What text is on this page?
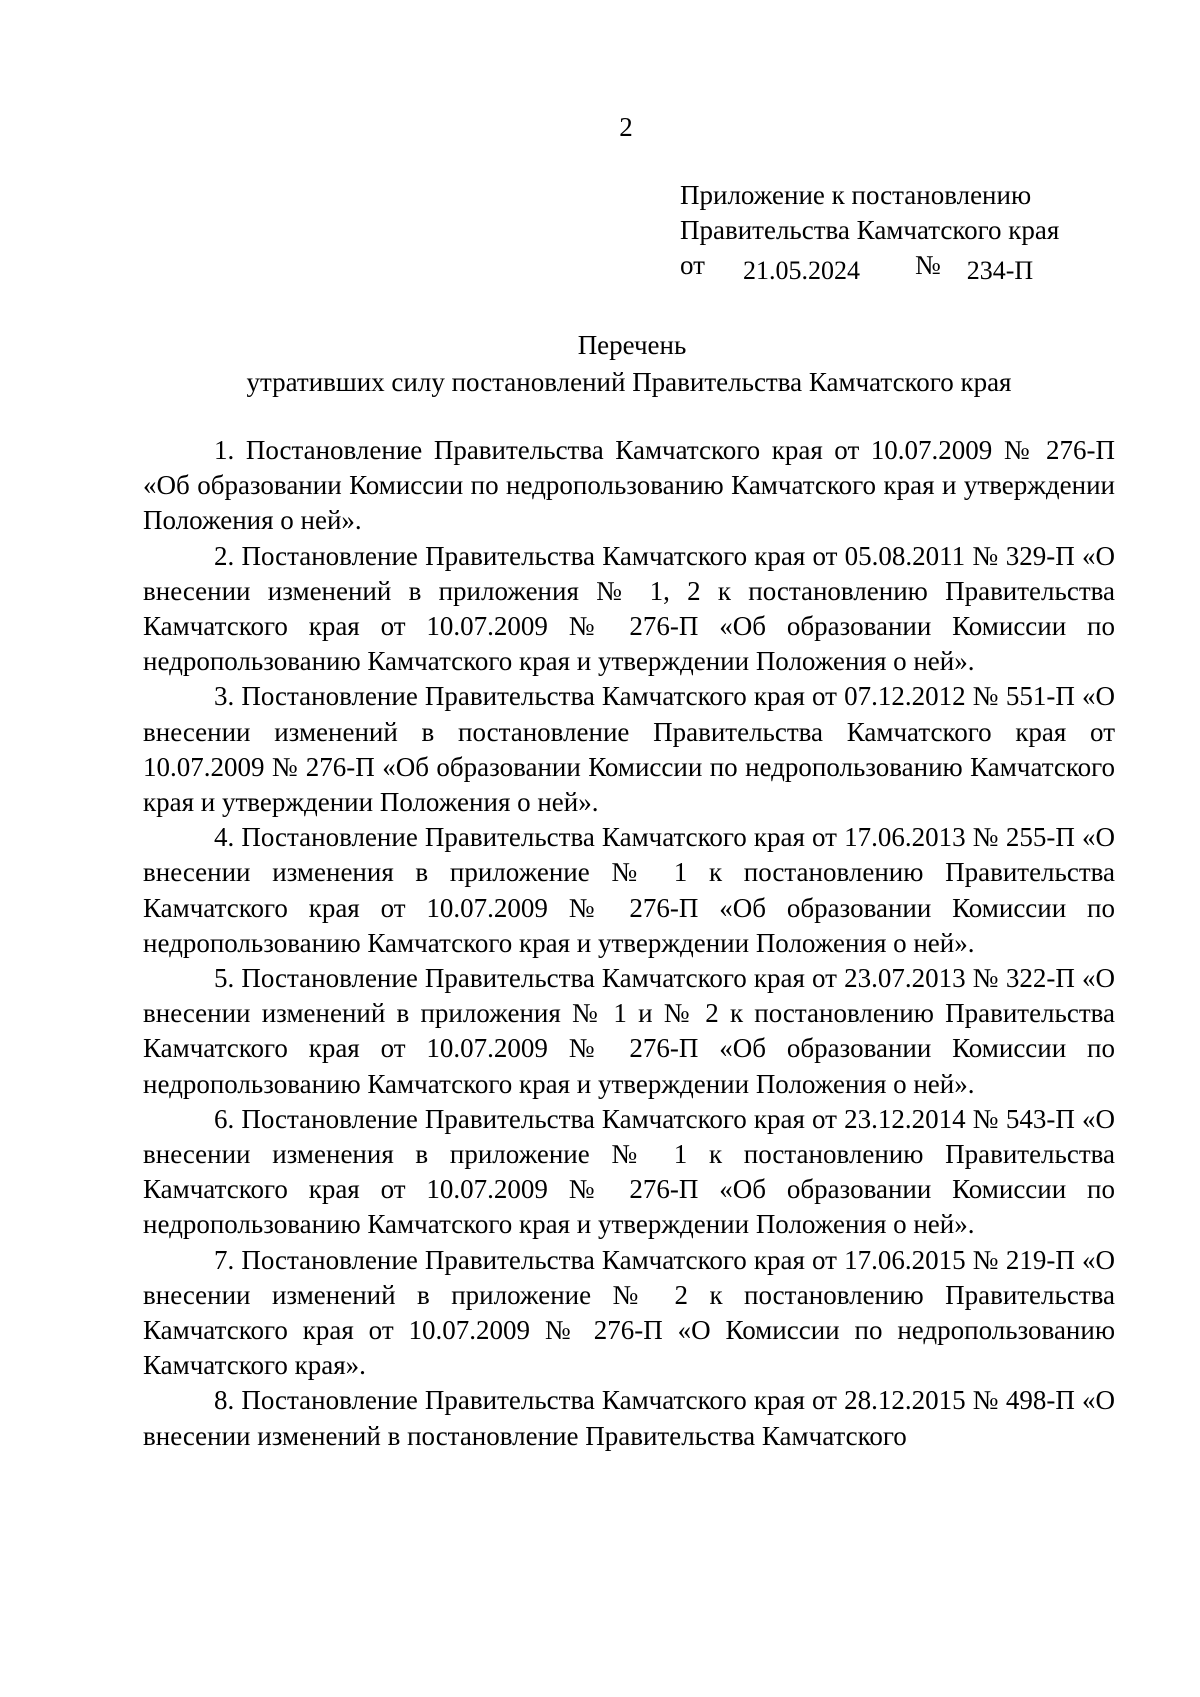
2
Приложение к постановлению
Правительства Камчатского края
от 21.05.2024 № 234-П
Перечень
утративших силу постановлений Правительства Камчатского края

1. Постановление Правительства Камчатского края от 10.07.2009 № 276-П «Об образовании Комиссии по недропользованию Камчатского края и утверждении Положения о ней».

2. Постановление Правительства Камчатского края от 05.08.2011 № 329-П «О внесении изменений в приложения № 1, 2 к постановлению Правительства Камчатского края от 10.07.2009 № 276-П «Об образовании Комиссии по недропользованию Камчатского края и утверждении Положения о ней».

3. Постановление Правительства Камчатского края от 07.12.2012 № 551-П «О внесении изменений в постановление Правительства Камчатского края от 10.07.2009 № 276-П «Об образовании Комиссии по недропользованию Камчатского края и утверждении Положения о ней».

4. Постановление Правительства Камчатского края от 17.06.2013 № 255-П «О внесении изменения в приложение № 1 к постановлению Правительства Камчатского края от 10.07.2009 № 276-П «Об образовании Комиссии по недропользованию Камчатского края и утверждении Положения о ней».

5. Постановление Правительства Камчатского края от 23.07.2013 № 322-П «О внесении изменений в приложения № 1 и № 2 к постановлению Правительства Камчатского края от 10.07.2009 № 276-П «Об образовании Комиссии по недропользованию Камчатского края и утверждении Положения о ней».

6. Постановление Правительства Камчатского края от 23.12.2014 № 543-П «О внесении изменения в приложение № 1 к постановлению Правительства Камчатского края от 10.07.2009 № 276-П «Об образовании Комиссии по недропользованию Камчатского края и утверждении Положения о ней».

7. Постановление Правительства Камчатского края от 17.06.2015 № 219-П «О внесении изменений в приложение № 2 к постановлению Правительства Камчатского края от 10.07.2009 № 276-П «О Комиссии по недропользованию Камчатского края».

8. Постановление Правительства Камчатского края от 28.12.2015 № 498-П «О внесении изменений в постановление Правительства Камчатского
